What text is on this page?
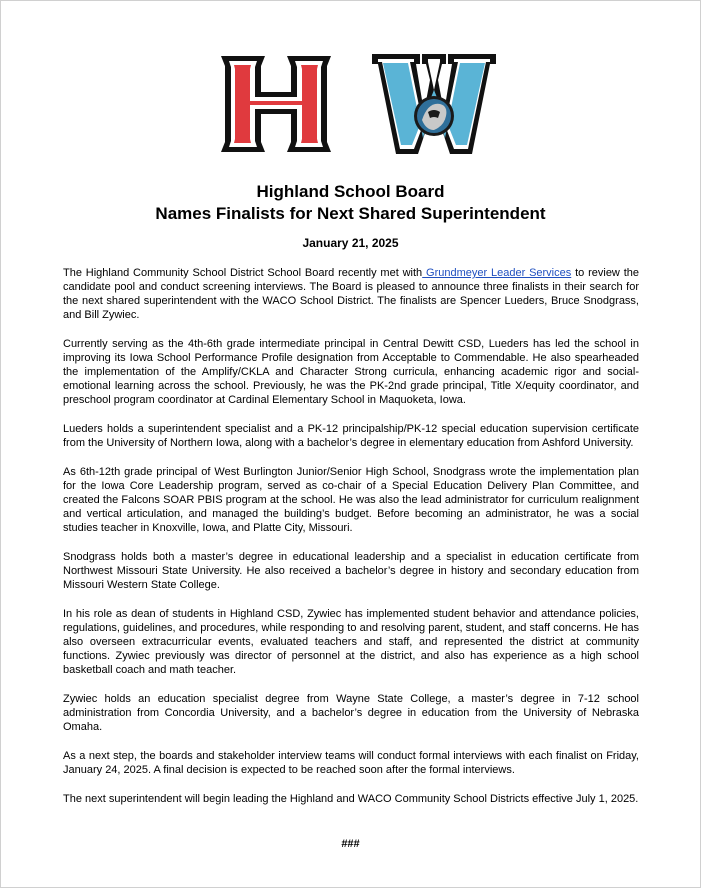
Highland School Board
Names Finalists for Next Shared Superintendent
January 21, 2025

The Highland Community School District School Board recently met with Grundmeyer Leader Services to review the candidate pool and conduct screening interviews. The Board is pleased to announce three finalists in their search for the next shared superintendent with the WACO School District. The finalists are Spencer Lueders, Bruce Snodgrass, and Bill Zywiec.

Currently serving as the 4th-6th grade intermediate principal in Central Dewitt CSD, Lueders has led the school in improving its Iowa School Performance Profile designation from Acceptable to Commendable. He also spearheaded the implementation of the Amplify/CKLA and Character Strong curricula, enhancing academic rigor and social-emotional learning across the school. Previously, he was the PK-2nd grade principal, Title X/equity coordinator, and preschool program coordinator at Cardinal Elementary School in Maquoketa, Iowa.

Lueders holds a superintendent specialist and a PK-12 principalship/PK-12 special education supervision certificate from the University of Northern Iowa, along with a bachelor’s degree in elementary education from Ashford University.

As 6th-12th grade principal of West Burlington Junior/Senior High School, Snodgrass wrote the implementation plan for the Iowa Core Leadership program, served as co-chair of a Special Education Delivery Plan Committee, and created the Falcons SOAR PBIS program at the school. He was also the lead administrator for curriculum realignment and vertical articulation, and managed the building’s budget. Before becoming an administrator, he was a social studies teacher in Knoxville, Iowa, and Platte City, Missouri.

Snodgrass holds both a master’s degree in educational leadership and a specialist in education certificate from Northwest Missouri State University. He also received a bachelor’s degree in history and secondary education from Missouri Western State College.

In his role as dean of students in Highland CSD, Zywiec has implemented student behavior and attendance policies, regulations, guidelines, and procedures, while responding to and resolving parent, student, and staff concerns. He has also overseen extracurricular events, evaluated teachers and staff, and represented the district at community functions. Zywiec previously was director of personnel at the district, and also has experience as a high school basketball coach and math teacher.

Zywiec holds an education specialist degree from Wayne State College, a master’s degree in 7-12 school administration from Concordia University, and a bachelor’s degree in education from the University of Nebraska Omaha.

As a next step, the boards and stakeholder interview teams will conduct formal interviews with each finalist on Friday, January 24, 2025. A final decision is expected to be reached soon after the formal interviews.

The next superintendent will begin leading the Highland and WACO Community School Districts effective July 1, 2025.

###
